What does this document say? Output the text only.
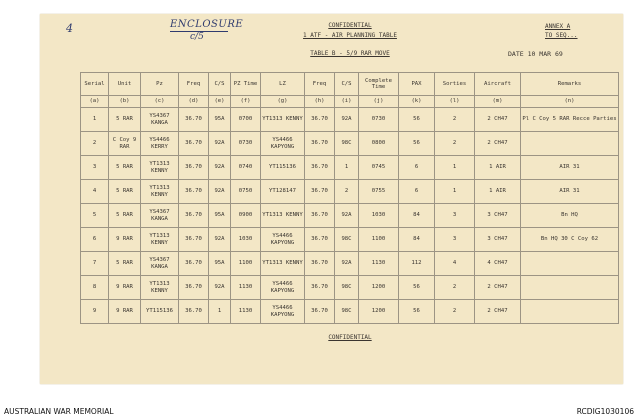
4	ENCLOSURE
c/5
CONFIDENTIAL
1 ATF - AIR PLANNING TABLE
TABLE B - 5/9 RAR MOVE
ANNEX A
TO SEQ...
DATE 10 MAR 69
Serial	Unit	Pz	Freq	C/S	PZ Time	LZ	Freq	C/S	Complete Time	PAX	Sorties	Aircraft	Remarks
(a)	(b)	(c)	(d)	(e)	(f)	(g)	(h)	(i)	(j)	(k)	(l)	(m)	(n)
1	5 RAR	YS4367 KANGA	36.70	95A	0700	YT1313 KENNY	36.70	92A	0730	56	2	2 CH47	Pl C Coy 5 RAR Recce Parties
2	C Coy 9 RAR	YS4466 KERRY	36.70	92A	0730	YS4466 KAPYONG	36.70	98C	0800	56	2	2 CH47	
3	5 RAR	YT1313 KENNY	36.70	92A	0740	YT115136	36.70	1	0745	6	1	1 AIR	AIR 31
4	5 RAR	YT1313 KENNY	36.70	92A	0750	YT128147	36.70	2	0755	6	1	1 AIR	AIR 31
5	5 RAR	YS4367 KANGA	36.70	95A	0900	YT1313 KENNY	36.70	92A	1030	84	3	3 CH47	Bn HQ
6	9 RAR	YT1313 KENNY	36.70	92A	1030	YS4466 KAPYONG	36.70	98C	1100	84	3	3 CH47	Bn HQ 30 C Coy 62
7	5 RAR	YS4367 KANGA	36.70	95A	1100	YT1313 KENNY	36.70	92A	1130	112	4	4 CH47	
8	9 RAR	YT1313 KENNY	36.70	92A	1130	YS4466 KAPYONG	36.70	98C	1200	56	2	2 CH47	
9	9 RAR	YT115136	36.70	1	1130	YS4466 KAPYONG	36.70	98C	1200	56	2	2 CH47	
CONFIDENTIAL
AUSTRALIAN WAR MEMORIAL	RCDIG1030106
